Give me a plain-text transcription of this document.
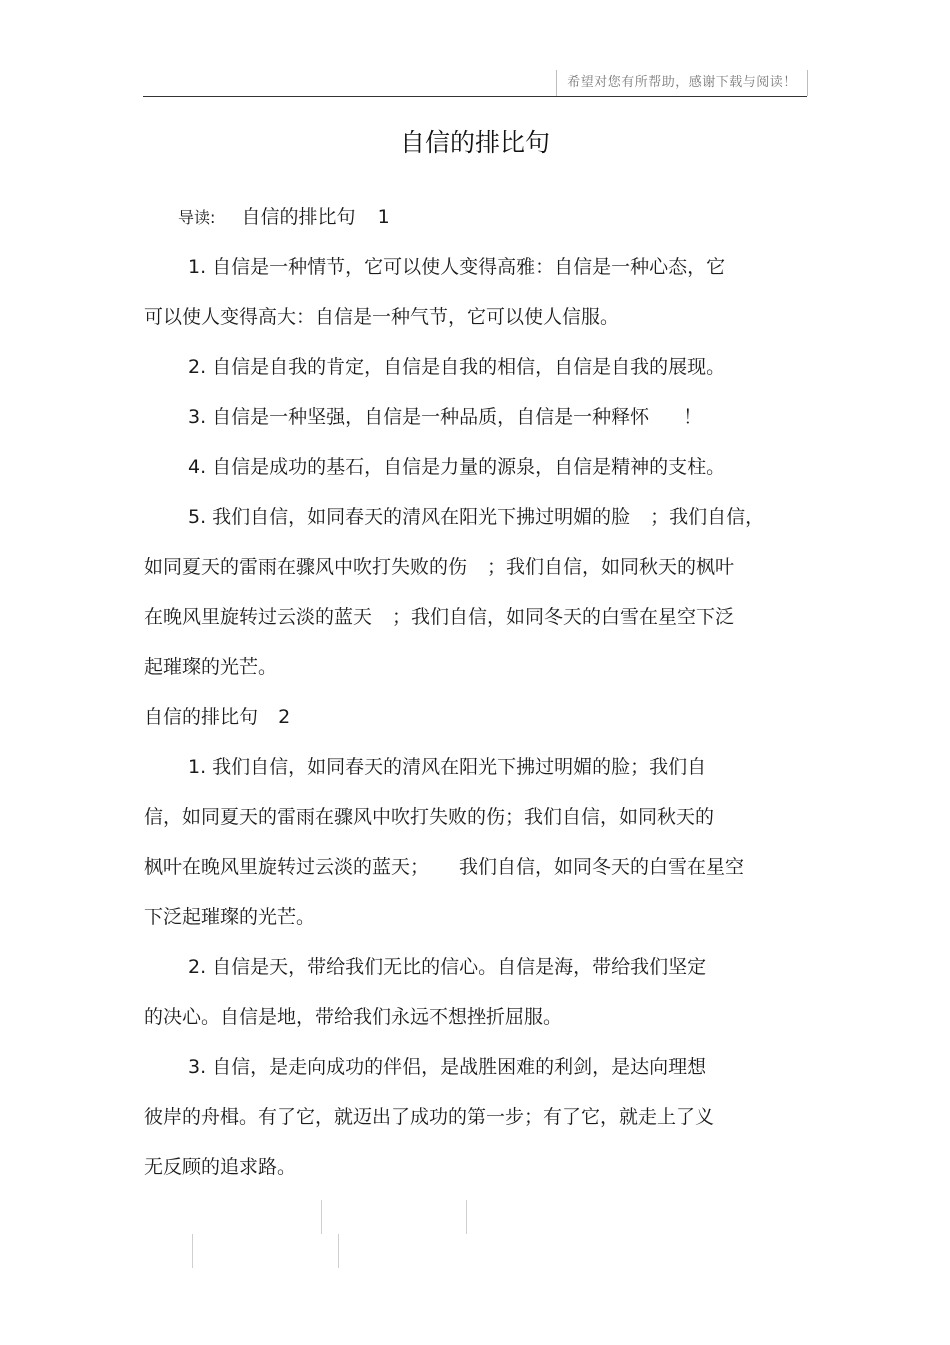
希望对您有所帮助，感谢下载与阅读！
自信的排比句
导读: 自信的排比句 1
1. 自信是一种情节，它可以使人变得高雅：自信是一种心态，它
可以使人变得高大：自信是一种气节，它可以使人信服。
2. 自信是自我的肯定，自信是自我的相信，自信是自我的展现。
3. 自信是一种坚强，自信是一种品质，自信是一种释怀 ！
4. 自信是成功的基石，自信是力量的源泉，自信是精神的支柱。
5. 我们自信，如同春天的清风在阳光下拂过明媚的脸 ；我们自信，
如同夏天的雷雨在骤风中吹打失败的伤 ；我们自信，如同秋天的枫叶
在晚风里旋转过云淡的蓝天 ；我们自信，如同冬天的白雪在星空下泛
起璀璨的光芒。
自信的排比句 2
1. 我们自信，如同春天的清风在阳光下拂过明媚的脸；我们自
信，如同夏天的雷雨在骤风中吹打失败的伤；我们自信，如同秋天的
枫叶在晚风里旋转过云淡的蓝天； 我们自信，如同冬天的白雪在星空
下泛起璀璨的光芒。
2. 自信是天，带给我们无比的信心。自信是海，带给我们坚定
的决心。自信是地，带给我们永远不想挫折屈服。
3. 自信，是走向成功的伴侣，是战胜困难的利剑，是达向理想
彼岸的舟楫。有了它，就迈出了成功的第一步；有了它，就走上了义
无反顾的追求路。
